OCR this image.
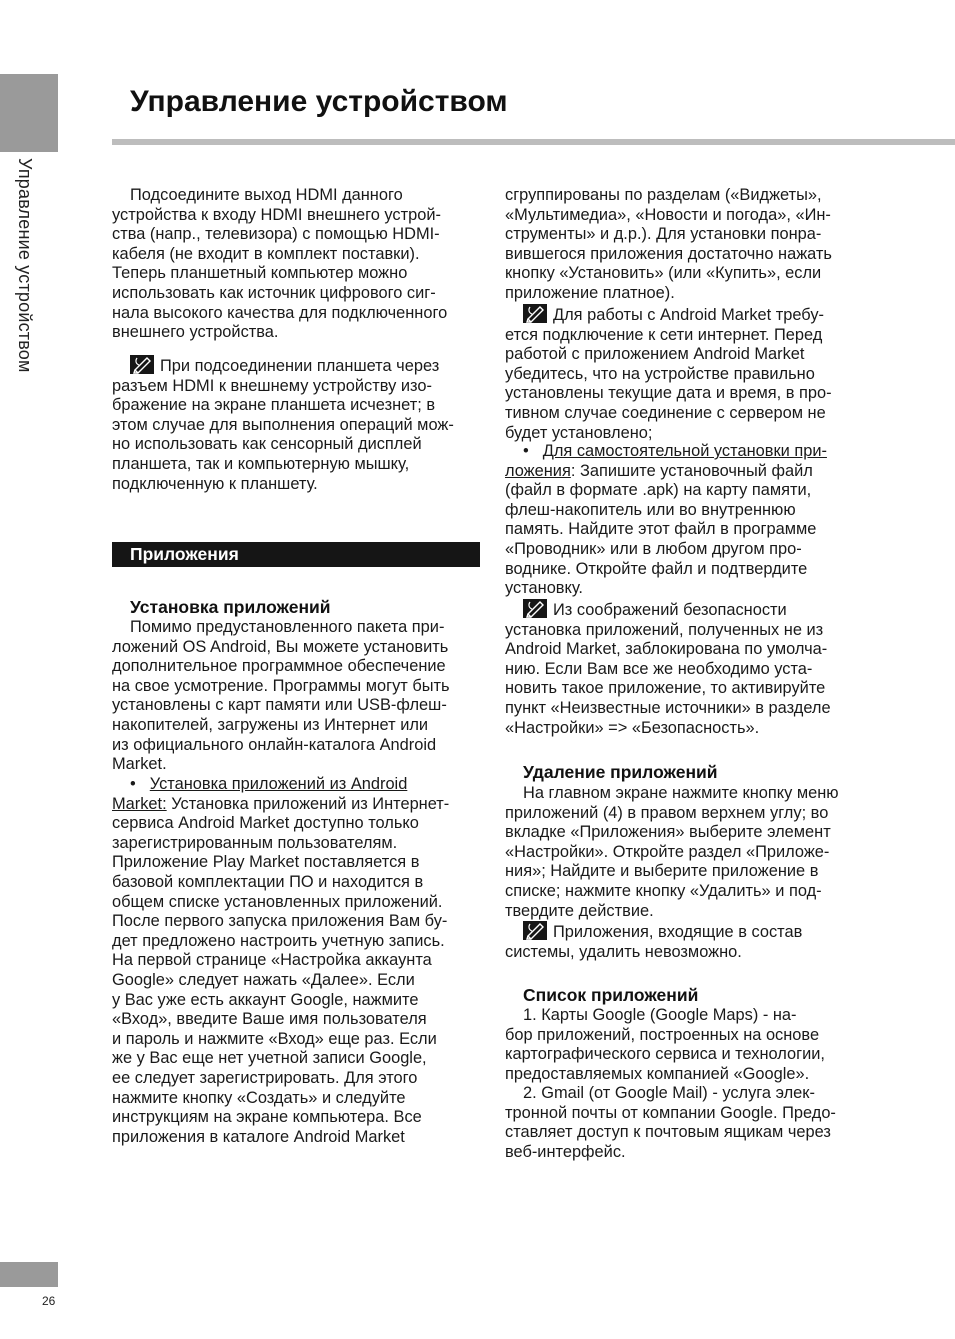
Управление устройством
26
Управление устройством

Подсоедините выход HDMI данного
устройства к входу HDMI внешнего устрой-
ства (напр., телевизора) с помощью HDMI-
кабеля (не входит в комплект поставки).
Теперь планшетный компьютер можно
использовать как источник цифрового сиг-
нала высокого качества для подключенного
внешнего устройства.

При подсоединении планшета через
разъем HDMI к внешнему устройству изо-
бражение на экране планшета исчезнет; в
этом случае для выполнения операций мож-
но использовать как сенсорный дисплей
планшета, так и компьютерную мышку,
подключенную к планшету.

Приложения
Установка приложений

Помимо предустановленного пакета при-
ложений OS Android, Вы можете установить
дополнительное программное обеспечение
на свое усмотрение. Программы могут быть
установлены с карт памяти или USB-флеш-
накопителей, загружены из Интернет или
из официального онлайн-каталога Android
Market.

• Установка приложений из Android
Market: Установка приложений из Интернет-
сервиса Android Market доступно только
зарегистрированным пользователям.
Приложение Play Market поставляется в
базовой комплектации ПО и находится в
общем списке установленных приложений.
После первого запуска приложения Вам бу-
дет предложено настроить учетную запись.
На первой странице «Настройка аккаунта
Google» следует нажать «Далее». Если
у Вас уже есть аккаунт Google, нажмите
«Вход», введите Ваше имя пользователя
и пароль и нажмите «Вход» еще раз. Если
же у Вас еще нет учетной записи Google,
ее следует зарегистрировать. Для этого
нажмите кнопку «Создать» и следуйте
инструкциям на экране компьютера. Все
приложения в каталоге Android Market

сгруппированы по разделам («Виджеты»,
«Мультимедиа», «Новости и погода», «Ин-
струменты» и д.р.). Для установки понра-
вившегося приложения достаточно нажать
кнопку «Установить» (или «Купить», если
приложение платное).

Для работы с Android Market требу-
ется подключение к сети интернет. Перед
работой с приложением Android Market
убедитесь, что на устройстве правильно
установлены текущие дата и время, в про-
тивном случае соединение с сервером не
будет установлено;

• Для самостоятельной установки при-
ложения: Запишите установочный файл
(файл в формате .apk) на карту памяти,
флеш-накопитель или во внутреннюю
память. Найдите этот файл в программе
«Проводник» или в любом другом про-
воднике. Откройте файл и подтвердите
установку.

Из соображений безопасности
установка приложений, полученных не из
Android Market, заблокирована по умолча-
нию. Если Вам все же необходимо уста-
новить такое приложение, то активируйте
пункт «Неизвестные источники» в разделе
«Настройки» => «Безопасность».

Удаление приложений

На главном экране нажмите кнопку меню
приложений (4) в правом верхнем углу; во
вкладке «Приложения» выберите элемент
«Настройки». Откройте раздел «Приложе-
ния»; Найдите и выберите приложение в
списке; нажмите кнопку «Удалить» и под-
твердите действие.

Приложения, входящие в состав
системы, удалить невозможно.

Список приложений

1. Карты Google (Google Maps) - на-
бор приложений, построенных на основе
картографического сервиса и технологии,
предоставляемых компанией «Google».

2. Gmail (от Google Mail) - услуга элек-
тронной почты от компании Google. Предо-
ставляет доступ к почтовым ящикам через
веб-интерфейс.
